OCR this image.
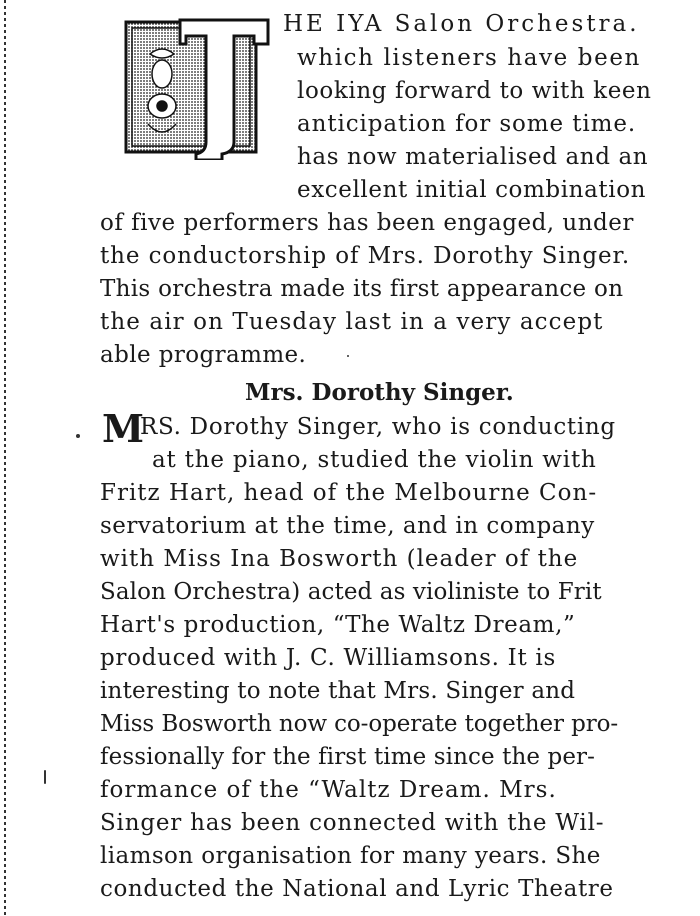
HE IYA Salon Orchestra.
which listeners have been
looking forward to with keen
anticipation for some time.
has now materialised and an
excellent initial combination
of five performers has been engaged, under
the conductorship of Mrs. Dorothy Singer.
This orchestra made its first appearance on
the air on Tuesday last in a very accept
able programme.
Mrs. Dorothy Singer.
M
RS. Dorothy Singer, who is conducting
at the piano, studied the violin with
Fritz Hart, head of the Melbourne Con-
servatorium at the time, and in company
with Miss Ina Bosworth (leader of the
Salon Orchestra) acted as violiniste to Frit
Hart's production, “The Waltz Dream,”
produced with J. C. Williamsons. It is
interesting to note that Mrs. Singer and
Miss Bosworth now co-operate together pro-
fessionally for the first time since the per-
formance of the “Waltz Dream. Mrs.
Singer has been connected with the Wil-
liamson organisation for many years. She
conducted the National and Lyric Theatre
